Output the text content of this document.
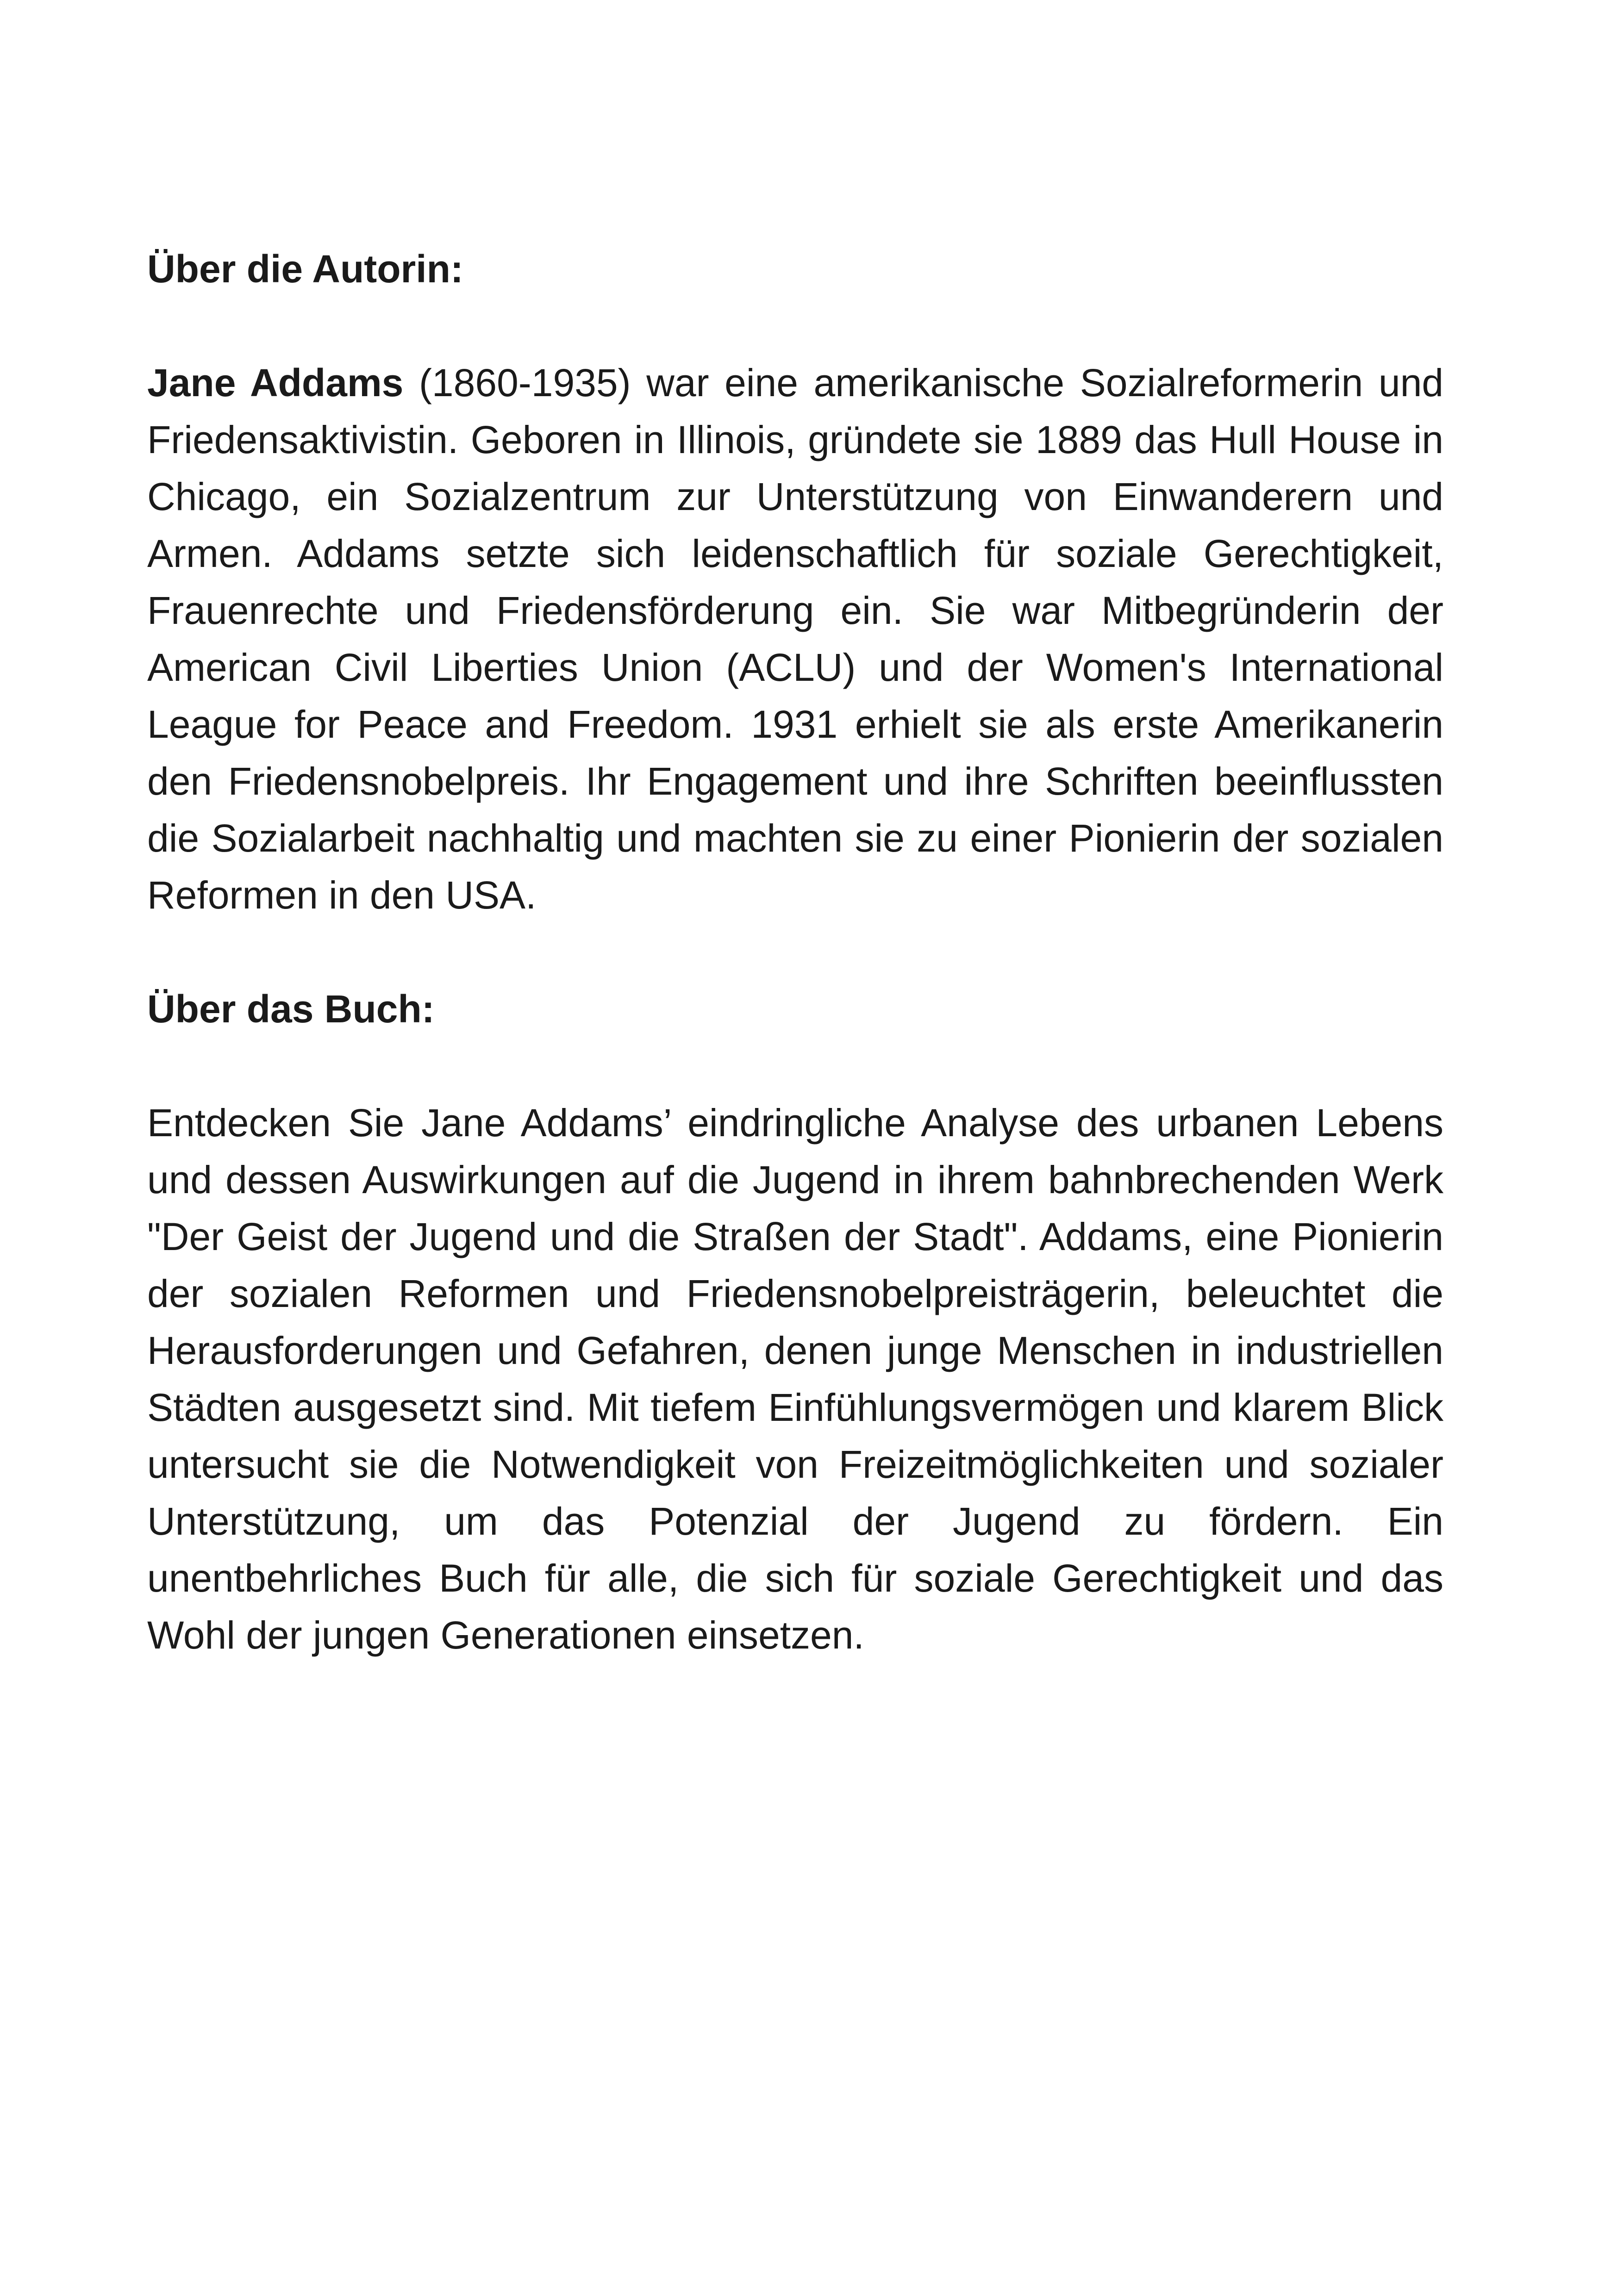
Über die Autorin:

Jane Addams (1860-1935) war eine amerikanische Sozialreformerin und Friedensaktivistin. Geboren in Illinois, gründete sie 1889 das Hull House in Chicago, ein Sozialzentrum zur Unterstützung von Einwanderern und Armen. Addams setzte sich leidenschaftlich für soziale Gerechtigkeit, Frauenrechte und Friedensförderung ein. Sie war Mitbegründerin der American Civil Liberties Union (ACLU) und der Women's International League for Peace and Freedom. 1931 erhielt sie als erste Amerikanerin den Friedensnobelpreis. Ihr Engagement und ihre Schriften beeinflussten die Sozialarbeit nachhaltig und machten sie zu einer Pionierin der sozialen Reformen in den USA.

Über das Buch:

Entdecken Sie Jane Addams’ eindringliche Analyse des urbanen Lebens und dessen Auswirkungen auf die Jugend in ihrem bahnbrechenden Werk "Der Geist der Jugend und die Straßen der Stadt". Addams, eine Pionierin der sozialen Reformen und Friedensnobelpreisträgerin, beleuchtet die Herausforderungen und Gefahren, denen junge Menschen in industriellen Städten ausgesetzt sind. Mit tiefem Einfühlungsvermögen und klarem Blick untersucht sie die Notwendigkeit von Freizeitmöglichkeiten und sozialer Unterstützung, um das Potenzial der Jugend zu fördern. Ein unentbehrliches Buch für alle, die sich für soziale Gerechtigkeit und das Wohl der jungen Generationen einsetzen.
